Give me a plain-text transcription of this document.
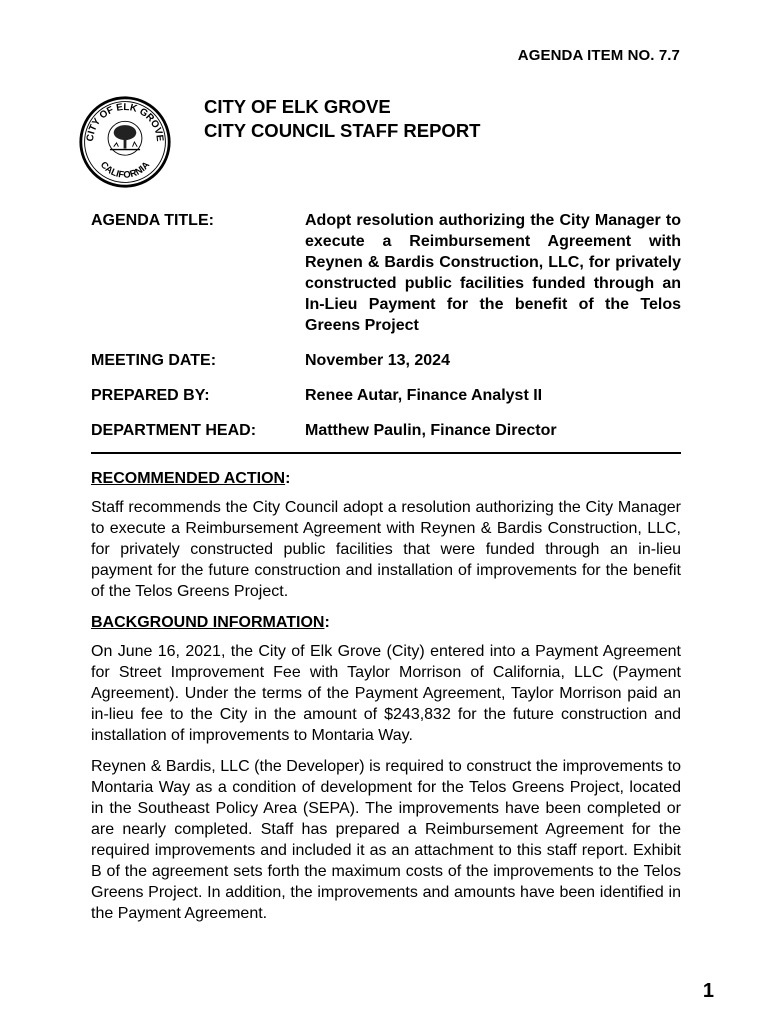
AGENDA ITEM NO. 7.7
CITY OF ELK GROVE
CALIFORNIA
CITY OF ELK GROVE
CITY COUNCIL STAFF REPORT
AGENDA TITLE:	Adopt resolution authorizing the City Manager to execute a Reimbursement Agreement with Reynen & Bardis Construction, LLC, for privately constructed public facilities funded through an In-Lieu Payment for the benefit of the Telos Greens Project
MEETING DATE:	November 13, 2024
PREPARED BY:	Renee Autar, Finance Analyst II
DEPARTMENT HEAD:	Matthew Paulin, Finance Director
RECOMMENDED ACTION:

Staff recommends the City Council adopt a resolution authorizing the City Manager to execute a Reimbursement Agreement with Reynen & Bardis Construction, LLC, for privately constructed public facilities that were funded through an in-lieu payment for the future construction and installation of improvements for the benefit of the Telos Greens Project.

BACKGROUND INFORMATION:

On June 16, 2021, the City of Elk Grove (City) entered into a Payment Agreement for Street Improvement Fee with Taylor Morrison of California, LLC (Payment Agreement). Under the terms of the Payment Agreement, Taylor Morrison paid an in-lieu fee to the City in the amount of $243,832 for the future construction and installation of improvements to Montaria Way.

Reynen & Bardis, LLC (the Developer) is required to construct the improvements to Montaria Way as a condition of development for the Telos Greens Project, located in the Southeast Policy Area (SEPA). The improvements have been completed or are nearly completed. Staff has prepared a Reimbursement Agreement for the required improvements and included it as an attachment to this staff report. Exhibit B of the agreement sets forth the maximum costs of the improvements to the Telos Greens Project. In addition, the improvements and amounts have been identified in the Payment Agreement.

1
